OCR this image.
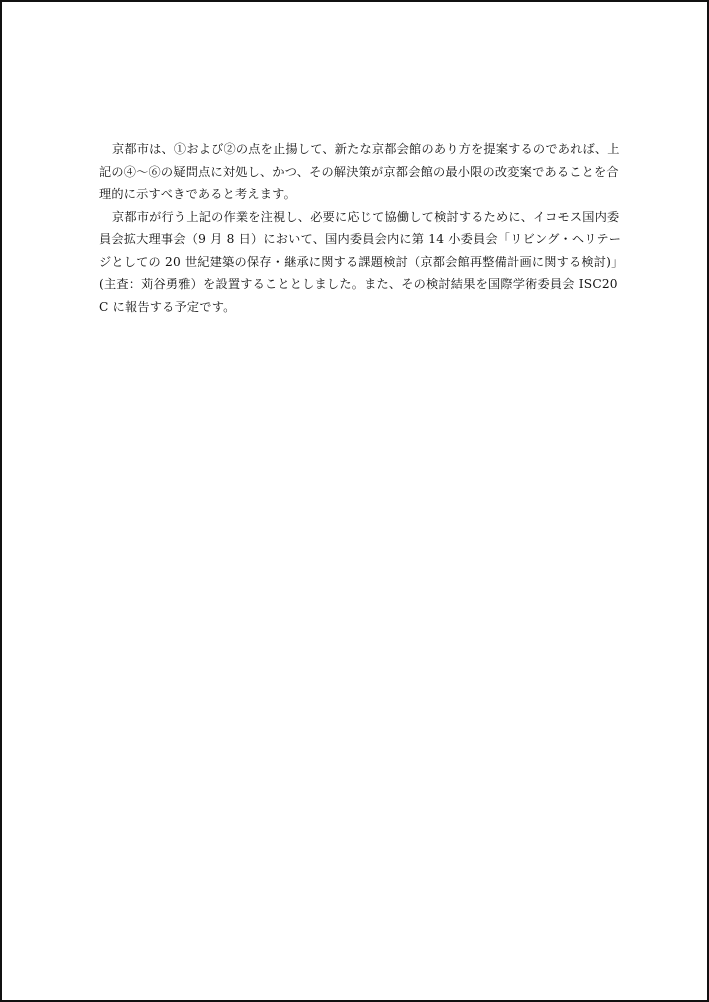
京都市は、①および②の点を止揚して、新たな京都会館のあり方を提案するのであれば、上記の④～⑥の疑問点に対処し、かつ、その解決策が京都会館の最小限の改変案であることを合理的に示すべきであると考えます。

京都市が行う上記の作業を注視し、必要に応じて協働して検討するために、イコモス国内委員会拡大理事会（9 月 8 日）において、国内委員会内に第 14 小委員会「リビング・ヘリテージとしての 20 世紀建築の保存・継承に関する課題検討（京都会館再整備計画に関する検討)」(主査：苅谷勇雅）を設置することとしました。また、その検討結果を国際学術委員会 ISC20 C に報告する予定です。
